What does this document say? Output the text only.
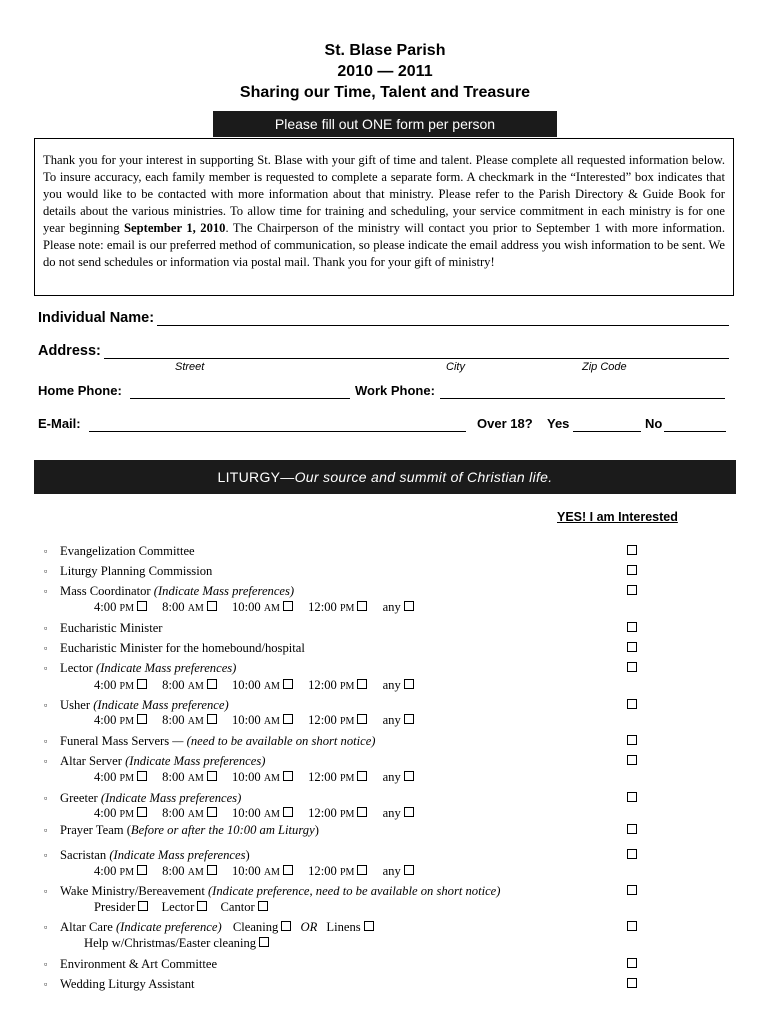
St. Blase Parish
2010 — 2011
Sharing our Time, Talent and Treasure
Please fill out ONE form per person
Thank you for your interest in supporting St. Blase with your gift of time and talent. Please complete all requested information below. To insure accuracy, each family member is requested to complete a separate form. A checkmark in the “Interested” box indicates that you would like to be contacted with more information about that ministry. Please refer to the Parish Directory & Guide Book for details about the various ministries. To allow time for training and scheduling, your service commitment in each ministry is for one year beginning September 1, 2010. The Chairperson of the ministry will contact you prior to September 1 with more information. Please note: email is our preferred method of communication, so please indicate the email address you wish information to be sent. We do not send schedules or information via postal mail. Thank you for your gift of ministry!
Individual Name:
Address:
Street	City	Zip Code
Home Phone:	Work Phone:
E-Mail:	Over 18? Yes	No
LITURGY—Our source and summit of Christian life.
YES! I am Interested
▫ Evangelization Committee
▫ Liturgy Planning Commission
▫ Mass Coordinator (Indicate Mass preferences)
4:00 PM 8:00 AM 10:00 AM 12:00 PM any
▫ Eucharistic Minister
▫ Eucharistic Minister for the homebound/hospital
▫ Lector (Indicate Mass preferences)
4:00 PM 8:00 AM 10:00 AM 12:00 PM any
▫ Usher (Indicate Mass preference)
4:00 PM 8:00 AM 10:00 AM 12:00 PM any
▫ Funeral Mass Servers — (need to be available on short notice)
▫ Altar Server (Indicate Mass preferences)
4:00 PM 8:00 AM 10:00 AM 12:00 PM any
▫ Greeter (Indicate Mass preferences)
4:00 PM 8:00 AM 10:00 AM 12:00 PM any
▫ Prayer Team (Before or after the 10:00 am Liturgy)
▫ Sacristan (Indicate Mass preferences)
4:00 PM 8:00 AM 10:00 AM 12:00 PM any
▫ Wake Ministry/Bereavement (Indicate preference, need to be available on short notice)
Presider Lector Cantor
▫ Altar Care (Indicate preference) Cleaning OR Linens
Help w/Christmas/Easter cleaning
▫ Environment & Art Committee
▫ Wedding Liturgy Assistant
